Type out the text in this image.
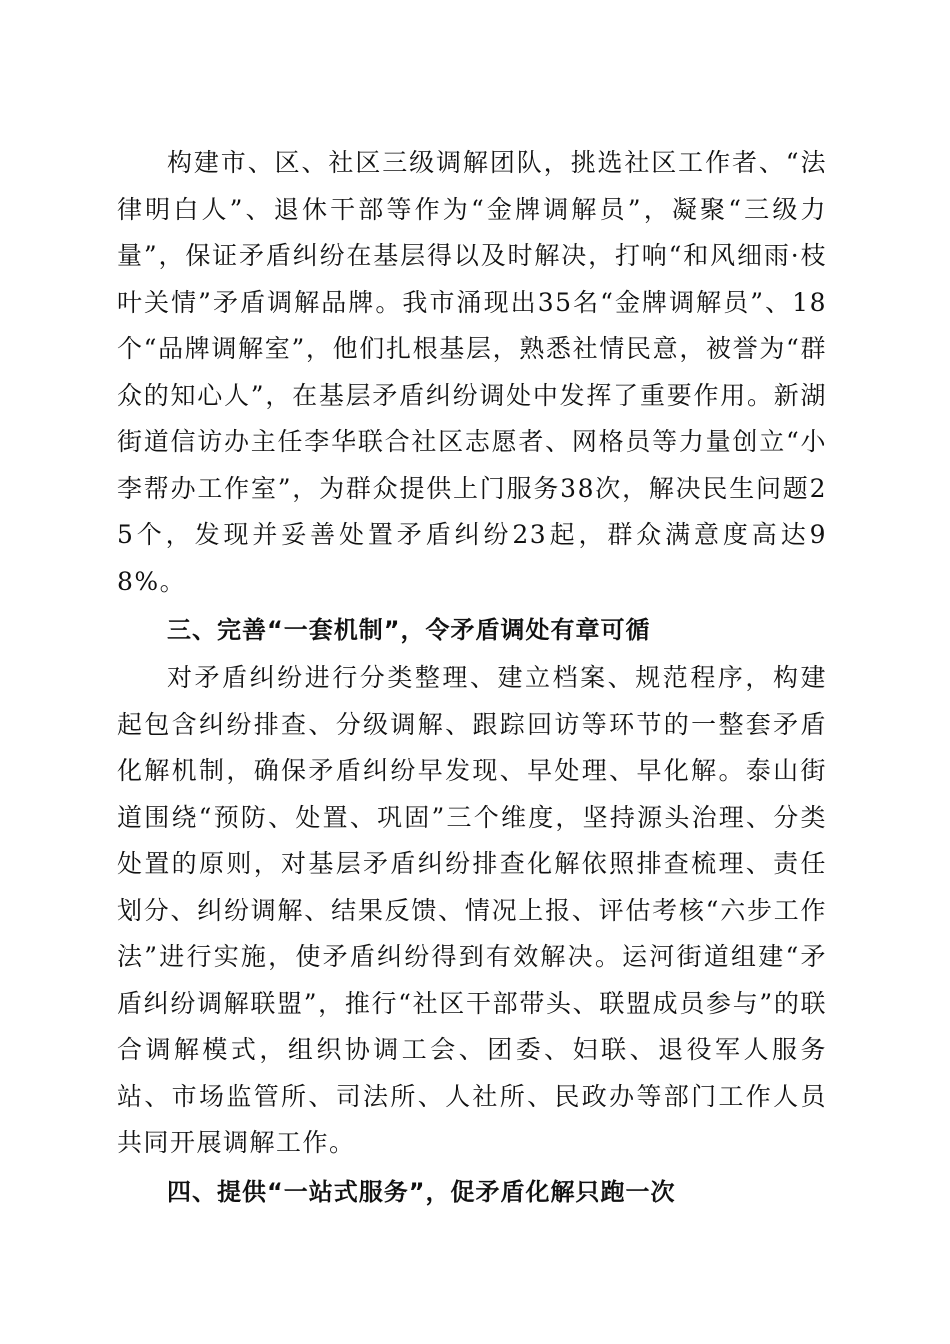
构建市、区、社区三级调解团队，挑选社区工作者、“法律明白人”、退休干部等作为“金牌调解员”，凝聚“三级力量”，保证矛盾纠纷在基层得以及时解决，打响“和风细雨·枝叶关情”矛盾调解品牌。我市涌现出35名“金牌调解员”、18个“品牌调解室”，他们扎根基层，熟悉社情民意，被誉为“群众的知心人”，在基层矛盾纠纷调处中发挥了重要作用。新湖街道信访办主任李华联合社区志愿者、网格员等力量创立“小李帮办工作室”，为群众提供上门服务38次，解决民生问题25个，发现并妥善处置矛盾纠纷23起，群众满意度高达98%。

三、完善“一套机制”，令矛盾调处有章可循

对矛盾纠纷进行分类整理、建立档案、规范程序，构建起包含纠纷排查、分级调解、跟踪回访等环节的一整套矛盾化解机制，确保矛盾纠纷早发现、早处理、早化解。泰山街道围绕“预防、处置、巩固”三个维度，坚持源头治理、分类处置的原则，对基层矛盾纠纷排查化解依照排查梳理、责任划分、纠纷调解、结果反馈、情况上报、评估考核“六步工作法”进行实施，使矛盾纠纷得到有效解决。运河街道组建“矛盾纠纷调解联盟”，推行“社区干部带头、联盟成员参与”的联合调解模式，组织协调工会、团委、妇联、退役军人服务站、市场监管所、司法所、人社所、民政办等部门工作人员共同开展调解工作。

四、提供“一站式服务”，促矛盾化解只跑一次
